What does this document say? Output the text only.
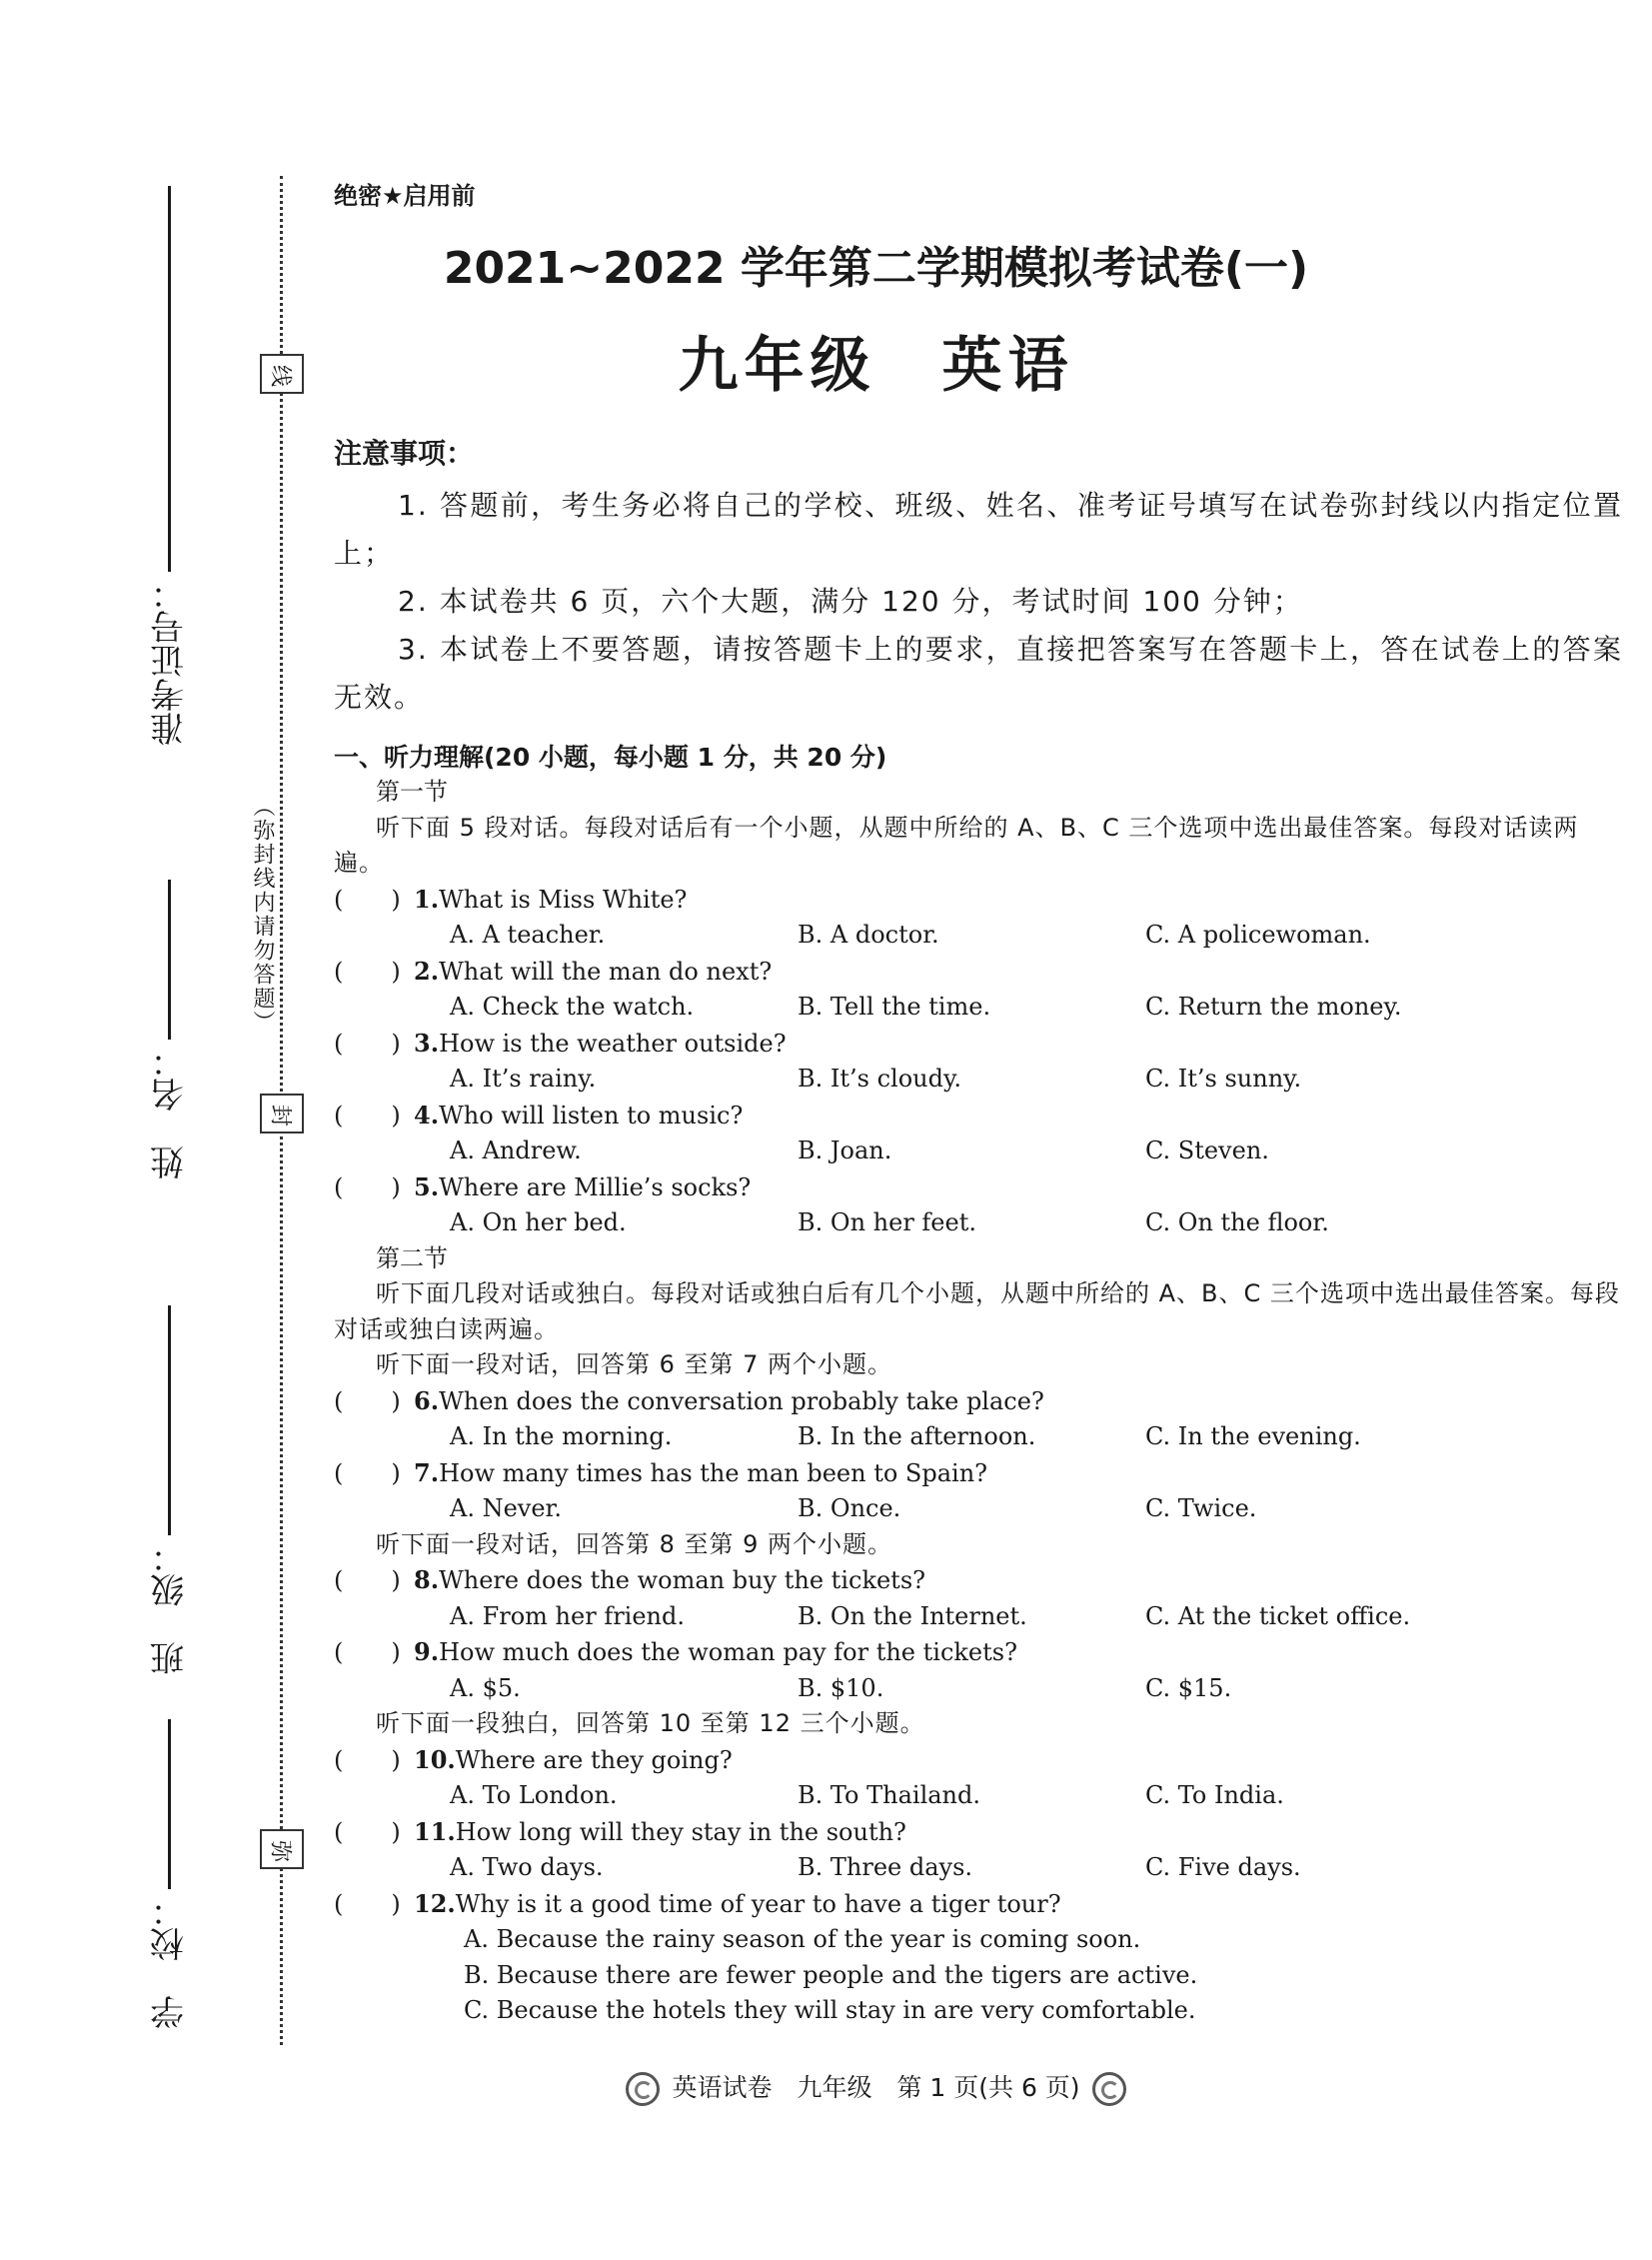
准考证号：
姓　名：
班　级：
学　校：
线
封
弥
（弥封线内请勿答题）
绝密★启用前
2021~2022 学年第二学期模拟考试卷(一)
九年级　英语
注意事项：

1. 答题前，考生务必将自己的学校、班级、姓名、准考证号填写在试卷弥封线以内指定位置上；

2. 本试卷共 6 页，六个大题，满分 120 分，考试时间 100 分钟；

3. 本试卷上不要答题，请按答题卡上的要求，直接把答案写在答题卡上，答在试卷上的答案无效。

一、听力理解(20 小题，每小题 1 分，共 20 分)

第一节

听下面 5 段对话。每段对话后有一个小题，从题中所给的 A、B、C 三个选项中选出最佳答案。每段对话读两遍。

(　　) 1. What is Miss White?
A. A teacher.	B. A doctor.	C. A policewoman.
(　　) 2. What will the man do next?
A. Check the watch.	B. Tell the time.	C. Return the money.
(　　) 3. How is the weather outside?
A. It’s rainy.	B. It’s cloudy.	C. It’s sunny.
(　　) 4. Who will listen to music?
A. Andrew.	B. Joan.	C. Steven.
(　　) 5. Where are Millie’s socks?
A. On her bed.	B. On her feet.	C. On the floor.

第二节

听下面几段对话或独白。每段对话或独白后有几个小题，从题中所给的 A、B、C 三个选项中选出最佳答案。每段对话或独白读两遍。

听下面一段对话，回答第 6 至第 7 两个小题。

(　　) 6. When does the conversation probably take place?
A. In the morning.	B. In the afternoon.	C. In the evening.
(　　) 7. How many times has the man been to Spain?
A. Never.	B. Once.	C. Twice.

听下面一段对话，回答第 8 至第 9 两个小题。

(　　) 8. Where does the woman buy the tickets?
A. From her friend.	B. On the Internet.	C. At the ticket office.
(　　) 9. How much does the woman pay for the tickets?
A. $5.	B. $10.	C. $15.

听下面一段独白，回答第 10 至第 12 三个小题。

(　　) 10. Where are they going?
A. To London.	B. To Thailand.	C. To India.
(　　) 11. How long will they stay in the south?
A. Two days.	B. Three days.	C. Five days.
(　　) 12. Why is it a good time of year to have a tiger tour?
A. Because the rainy season of the year is coming soon.
B. Because there are fewer people and the tigers are active.
C. Because the hotels they will stay in are very comfortable.
英语试卷　九年级　第 1 页(共 6 页)
